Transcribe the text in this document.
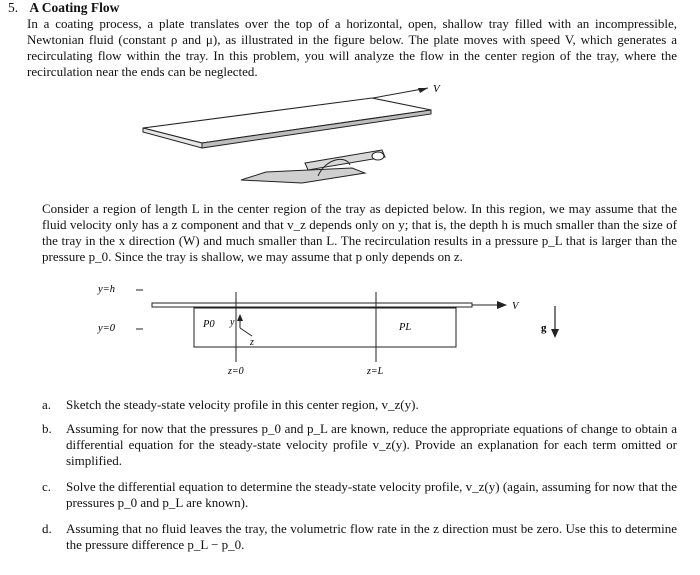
5. A Coating Flow
In a coating process, a plate translates over the top of a horizontal, open, shallow tray filled with an incompressible, Newtonian fluid (constant ρ and μ), as illustrated in the figure below. The plate moves with speed V, which generates a recirculating flow within the tray. In this problem, you will analyze the flow in the center region of the tray, where the recirculation near the ends can be neglected.
V
Consider a region of length L in the center region of the tray as depicted below. In this region, we may assume that the fluid velocity only has a z component and that v_z depends only on y; that is, the depth h is much smaller than the size of the tray in the x direction (W) and much smaller than L. The recirculation results in a pressure p_L that is larger than the pressure p_0. Since the tray is shallow, we may assume that p only depends on z.
y=h
y=0
V
P0	PL
y
z
z=0	z=L
g
a.	Sketch the steady-state velocity profile in this center region, v_z(y).
b.	Assuming for now that the pressures p_0 and p_L are known, reduce the appropriate equations of change to obtain a differential equation for the steady-state velocity profile v_z(y). Provide an explanation for each term omitted or simplified.
c.	Solve the differential equation to determine the steady-state velocity profile, v_z(y) (again, assuming for now that the pressures p_0 and p_L are known).
d.	Assuming that no fluid leaves the tray, the volumetric flow rate in the z direction must be zero. Use this to determine the pressure difference p_L − p_0.
